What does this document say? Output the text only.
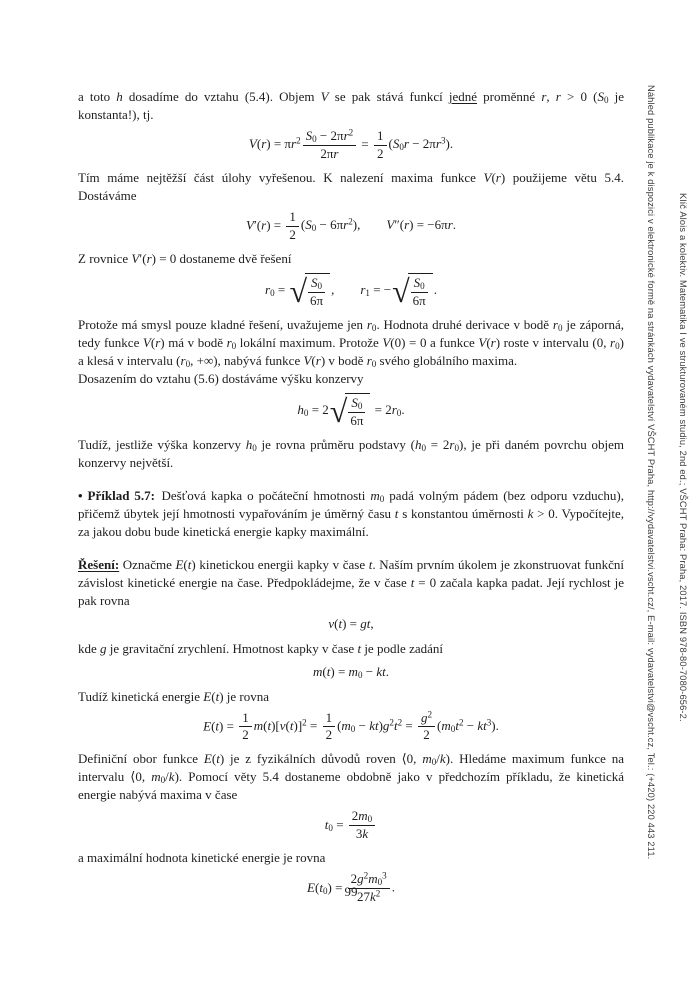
a toto h dosadíme do vztahu (5.4). Objem V se pak stává funkcí jedné proměnné r, r > 0 ($S_0$ je konstanta!), tj.
$V(r) = \pi r^2 \frac{S_0 - 2\pi r^2}{2\pi r} = \frac{1}{2} (S_0r - 2\pi r^3)$.
Tím máme nejtěžší část úlohy vyřešenou. K nalezení maxima funkce V(r) použijeme větu 5.4. Dostáváme
$V'(r) = \frac{1}{2} (S_0 - 6\pi r^2)$,  V″(r) = −6πr.
Z rovnice V′(r) = 0 dostaneme dvě řešení
$r_0$ = √ $\frac{S_0}{6\pi}$ ,  $r_1$ = − √ $\frac{S_0}{6\pi}$ .
Protože má smysl pouze kladné řešení, uvažujeme jen $r_0$. Hodnota druhé derivace v bodě $r_0$ je záporná, tedy funkce V(r) má v bodě $r_0$ lokální maximum. Protože V(0) = 0 a funkce V(r) roste v intervalu (0, $r_0$) a klesá v intervalu ($r_0$, +∞), nabývá funkce V(r) v bodě $r_0$ svého globálního maxima.
Dosazením do vztahu (5.6) dostáváme výšku konzervy
$h_0 = 2$ √ $\frac{S_0}{6\pi} = 2r_0$.
Tudíž, jestliže výška konzervy $h_0$ je rovna průměru podstavy $(h_0 = 2r_0)$, je při daném povrchu objem konzervy největší.
• Příklad 5.7: Dešťová kapka o počáteční hmotnosti $m_0$ padá volným pádem (bez odporu vzduchu), přičemž úbytek její hmotnosti vypařováním je úměrný času t s konstantou úměrnosti k > 0. Vypočítejte, za jakou dobu bude kinetická energie kapky maximální.
Řešení: Označme E(t) kinetickou energii kapky v čase t. Naším prvním úkolem je zkonstruovat funkční závislost kinetické energie na čase. Předpokládejme, že v čase t = 0 začala kapka padat. Její rychlost je pak rovna
v(t) = gt,
kde g je gravitační zrychlení. Hmotnost kapky v čase t je podle zadání
$m(t) = m_0$ − kt.
Tudíž kinetická energie E(t) je rovna
$E(t) = \frac{1}{2} m(t)[v(t)]^2 = \frac{1}{2} (m_0 - kt)g^2t^2 = \frac{g^2}{2} (m_0t^2 - kt^3)$.
Definiční obor funkce E(t) je z fyzikálních důvodů roven ⟨0, $m_0/k$). Hledáme maximum funkce na intervalu ⟨0, $m_0/k$). Pomocí věty 5.4 dostaneme obdobně jako v předchozím příkladu, že kinetická energie nabývá maxima v čase
$t_0 = \frac{2m_0}{3k}$
a maximální hodnota kinetické energie je rovna
$E(t_0) = \frac{2g^2m_0^3}{27k^2}$ .
99
Náhled publikace je k dispozici v elektronické formě na stránkách vydavatelství VŠCHT Praha, http://vydavatelstvi.vscht.cz/, E-mail: vydavatelstvi@vscht.cz, Tel.: (+420) 220 443 211. Klíč Alois a kolektiv. Matematika I ve strukturovaném studiu, 2nd ed.; VŠCHT Praha: Praha, 2017. ISBN 978-80-7080-656-2.
